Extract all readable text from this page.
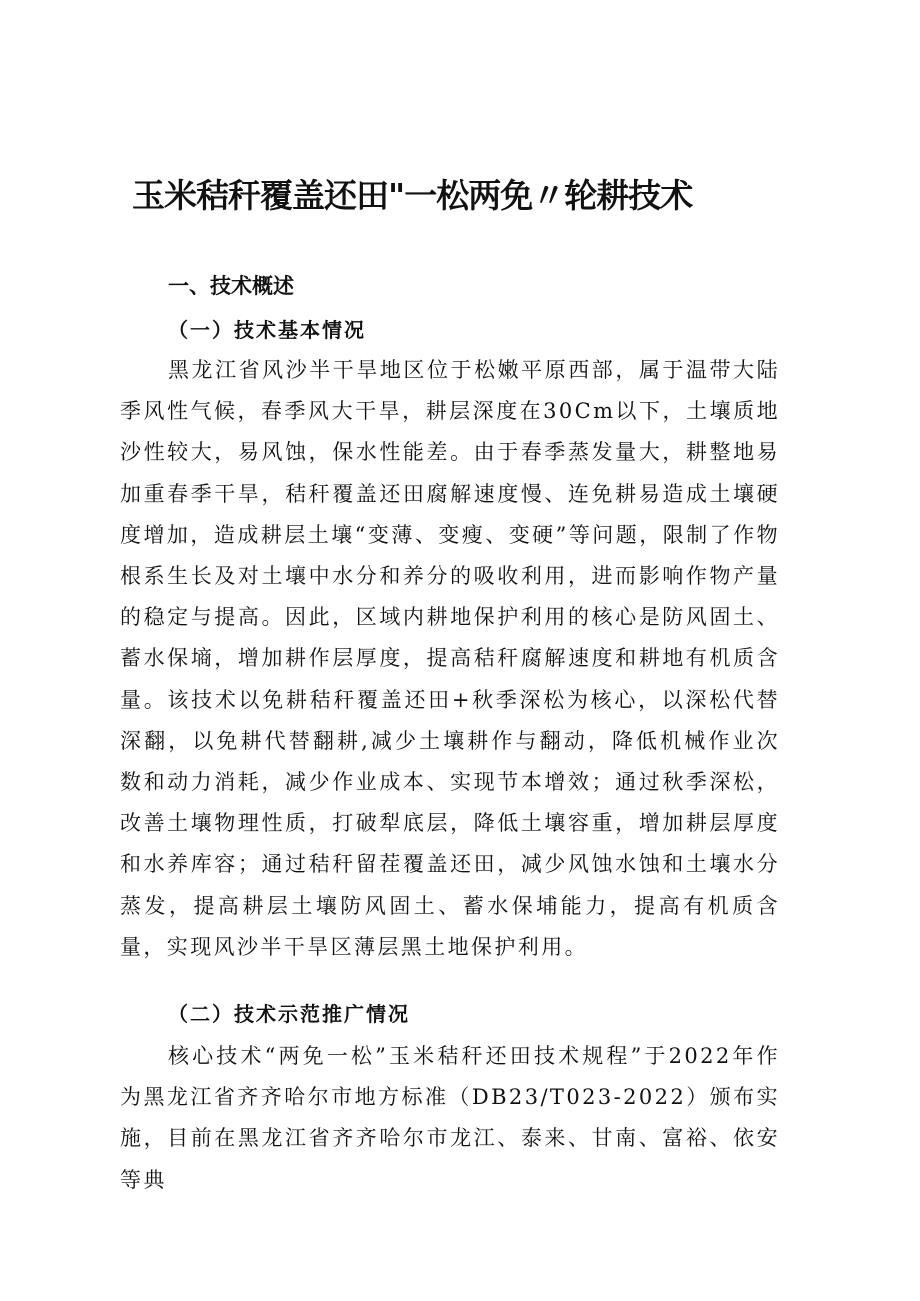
玉米秸秆覆盖还田"一松两免〃轮耕技术
一、技术概述
（一）技术基本情况

黑龙江省风沙半干旱地区位于松嫩平原西部，属于温带大陆季风性气候，春季风大干旱，耕层深度在30Cm以下，土壤质地沙性较大，易风蚀，保水性能差。由于春季蒸发量大，耕整地易加重春季干旱，秸秆覆盖还田腐解速度慢、连免耕易造成土壤硬度增加，造成耕层土壤“变薄、变瘦、变硬”等问题，限制了作物根系生长及对土壤中水分和养分的吸收利用，进而影响作物产量的稳定与提高。因此，区域内耕地保护利用的核心是防风固土、蓄水保墒，增加耕作层厚度，提高秸秆腐解速度和耕地有机质含量。该技术以免耕秸秆覆盖还田+秋季深松为核心，以深松代替深翻，以免耕代替翻耕,减少土壤耕作与翻动，降低机械作业次数和动力消耗，减少作业成本、实现节本增效；通过秋季深松，改善土壤物理性质，打破犁底层，降低土壤容重，增加耕层厚度和水养库容；通过秸秆留茬覆盖还田，减少风蚀水蚀和土壤水分蒸发，提高耕层土壤防风固土、蓄水保埔能力，提高有机质含量，实现风沙半干旱区薄层黑土地保护利用。

（二）技术示范推广情况

核心技术“两免一松”玉米秸秆还田技术规程”于2022年作为黑龙江省齐齐哈尔市地方标准（DB23/T023-2022）颁布实施，目前在黑龙江省齐齐哈尔市龙江、泰来、甘南、富裕、依安等典
